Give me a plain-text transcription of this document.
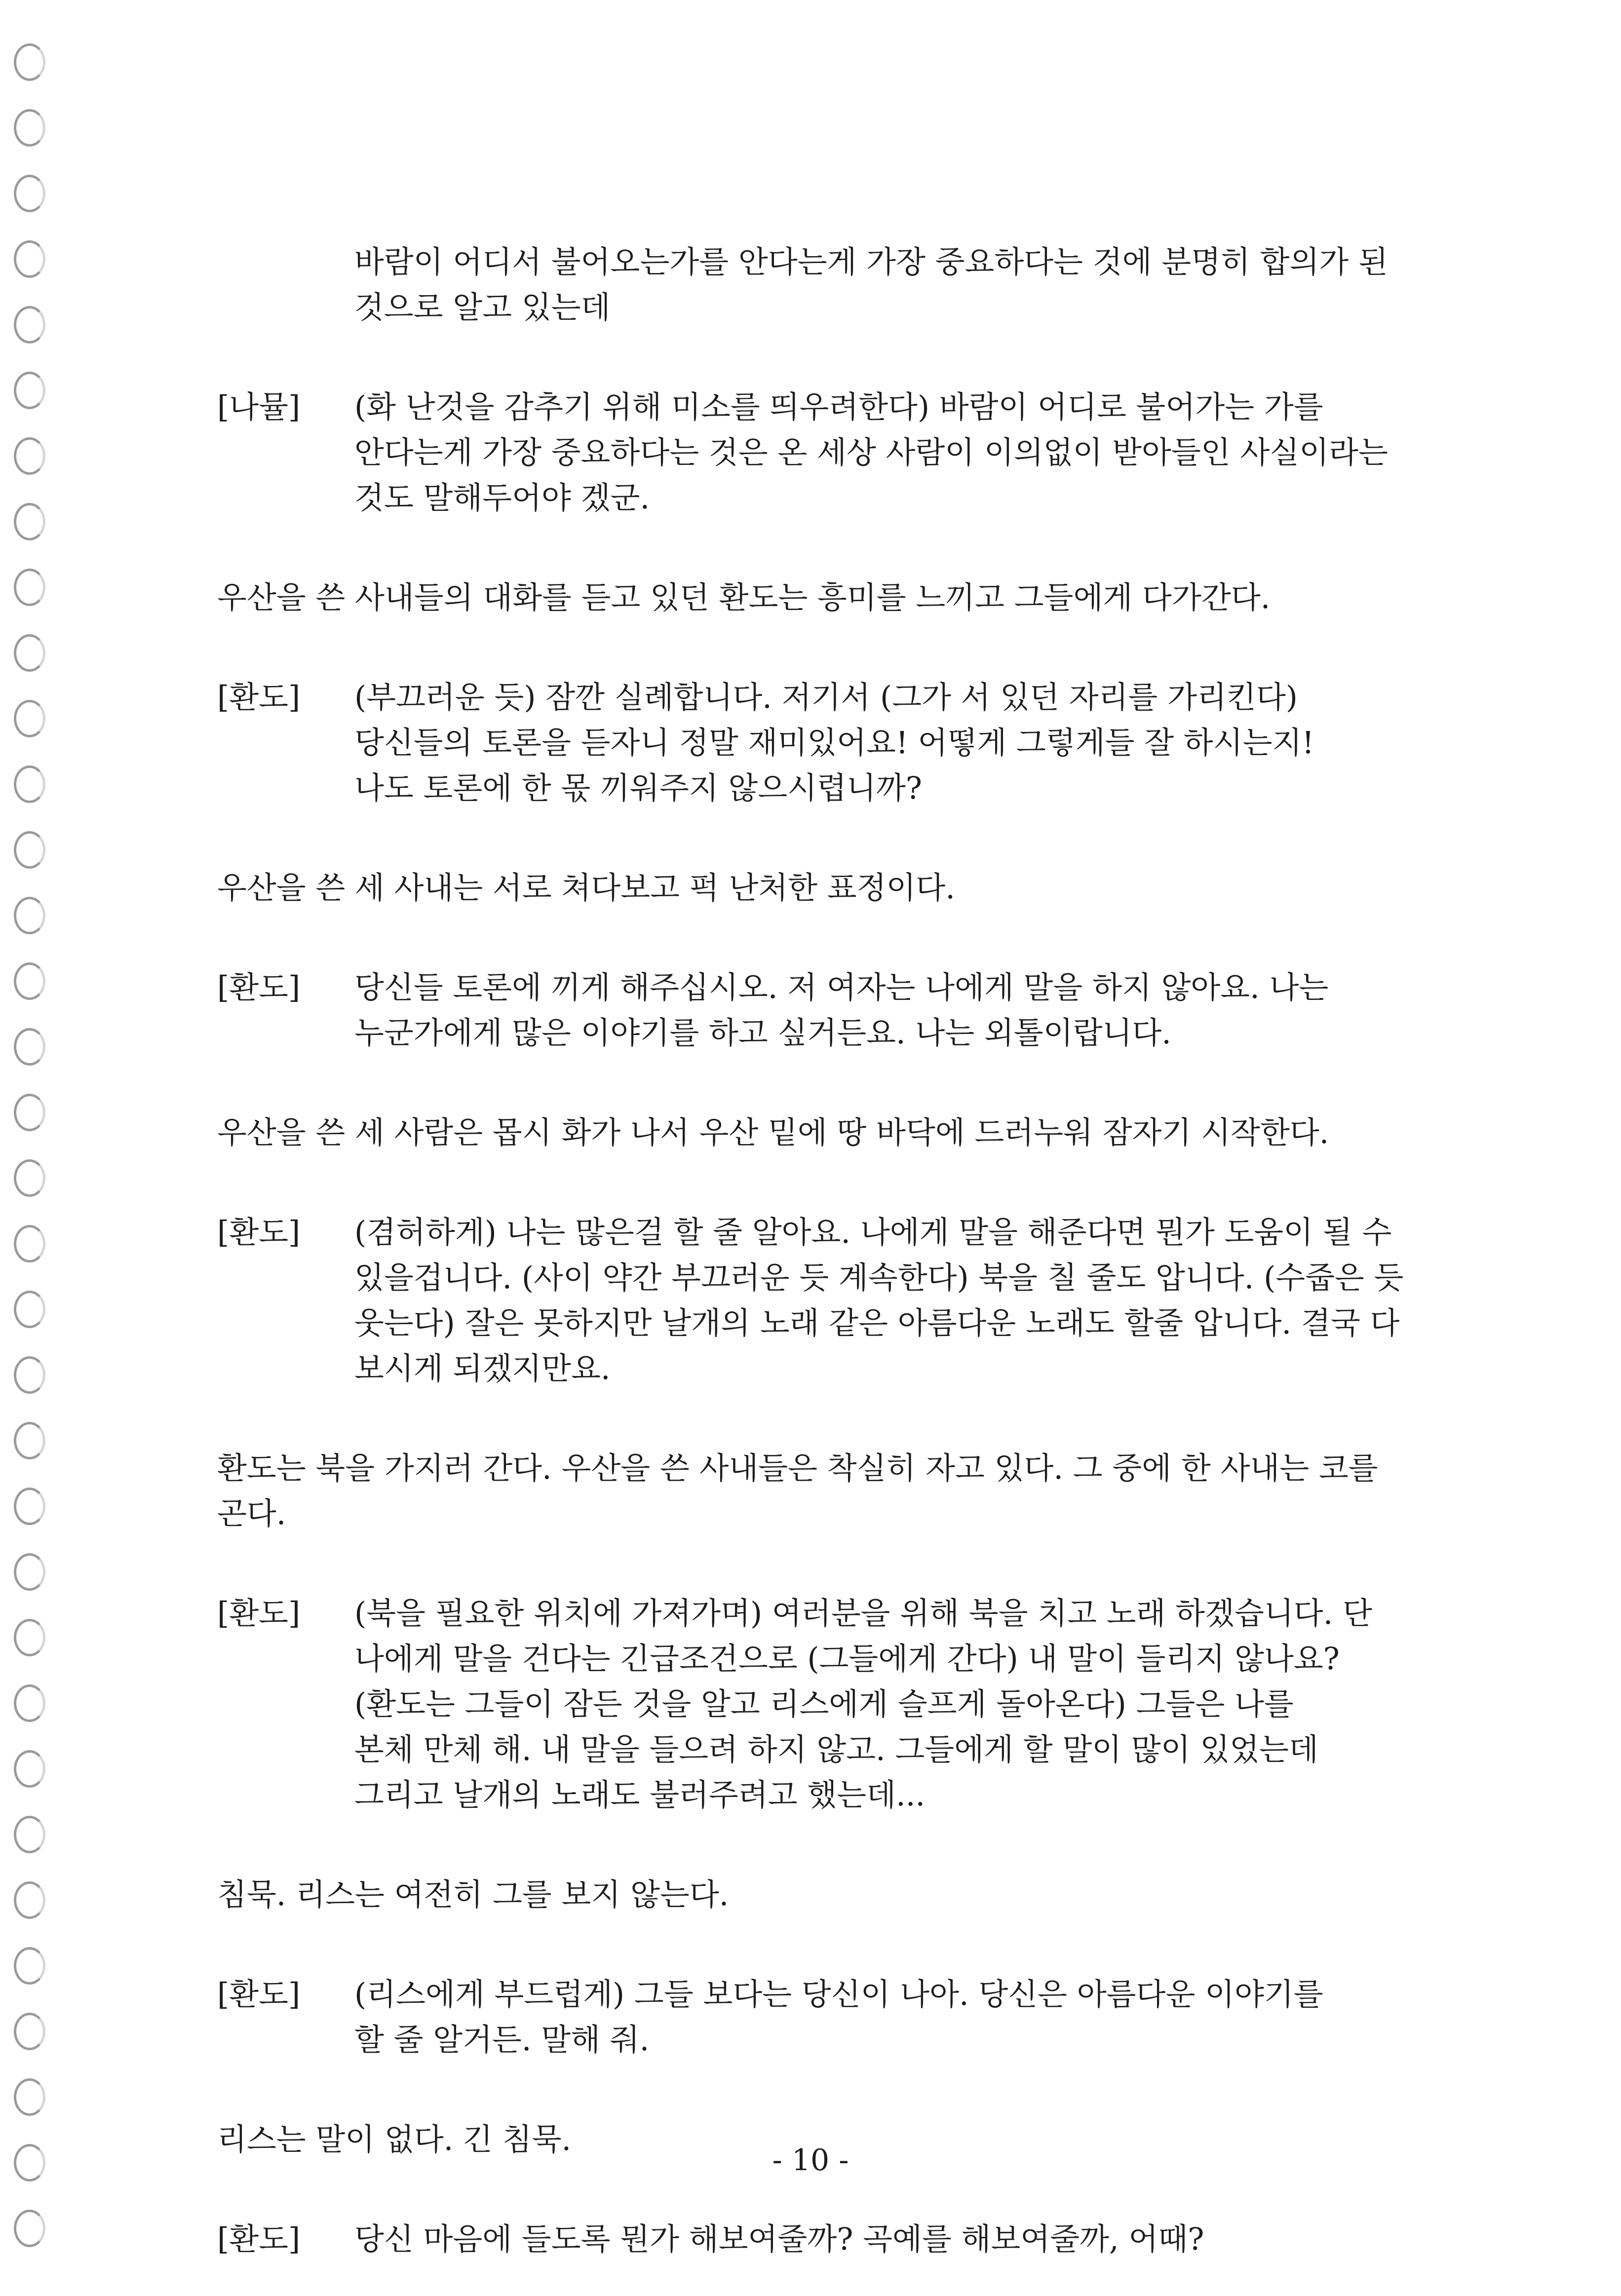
바람이 어디서 불어오는가를 안다는게 가장 중요하다는 것에 분명히 합의가 된
것으로 알고 있는데
[나뮬]	(화 난것을 감추기 위해 미소를 띄우려한다) 바람이 어디로 불어가는 가를
안다는게 가장 중요하다는 것은 온 세상 사람이 이의없이 받아들인 사실이라는
것도 말해두어야 겠군.
우산을 쓴 사내들의 대화를 듣고 있던 환도는 흥미를 느끼고 그들에게 다가간다.
[환도]	(부끄러운 듯) 잠깐 실례합니다. 저기서 (그가 서 있던 자리를 가리킨다)
당신들의 토론을 듣자니 정말 재미있어요! 어떻게 그렇게들 잘 하시는지!
나도 토론에 한 몫 끼워주지 않으시렵니까?
우산을 쓴 세 사내는 서로 쳐다보고 퍽 난처한 표정이다.
[환도]	당신들 토론에 끼게 해주십시오. 저 여자는 나에게 말을 하지 않아요. 나는
누군가에게 많은 이야기를 하고 싶거든요. 나는 외톨이랍니다.
우산을 쓴 세 사람은 몹시 화가 나서 우산 밑에 땅 바닥에 드러누워 잠자기 시작한다.
[환도]	(겸허하게) 나는 많은걸 할 줄 알아요. 나에게 말을 해준다면 뭔가 도움이 될 수
있을겁니다. (사이 약간 부끄러운 듯 계속한다) 북을 칠 줄도 압니다. (수줍은 듯
웃는다) 잘은 못하지만 날개의 노래 같은 아름다운 노래도 할줄 압니다. 결국 다
보시게 되겠지만요.
환도는 북을 가지러 간다. 우산을 쓴 사내들은 착실히 자고 있다. 그 중에 한 사내는 코를
곤다.
[환도]	(북을 필요한 위치에 가져가며) 여러분을 위해 북을 치고 노래 하겠습니다. 단
나에게 말을 건다는 긴급조건으로 (그들에게 간다) 내 말이 들리지 않나요?
(환도는 그들이 잠든 것을 알고 리스에게 슬프게 돌아온다) 그들은 나를
본체 만체 해. 내 말을 들으려 하지 않고. 그들에게 할 말이 많이 있었는데
그리고 날개의 노래도 불러주려고 했는데...
침묵. 리스는 여전히 그를 보지 않는다.
[환도]	(리스에게 부드럽게) 그들 보다는 당신이 나아. 당신은 아름다운 이야기를
할 줄 알거든. 말해 줘.
리스는 말이 없다. 긴 침묵.
[환도]	당신 마음에 들도록 뭔가 해보여줄까? 곡예를 해보여줄까, 어때?
- 10 -
